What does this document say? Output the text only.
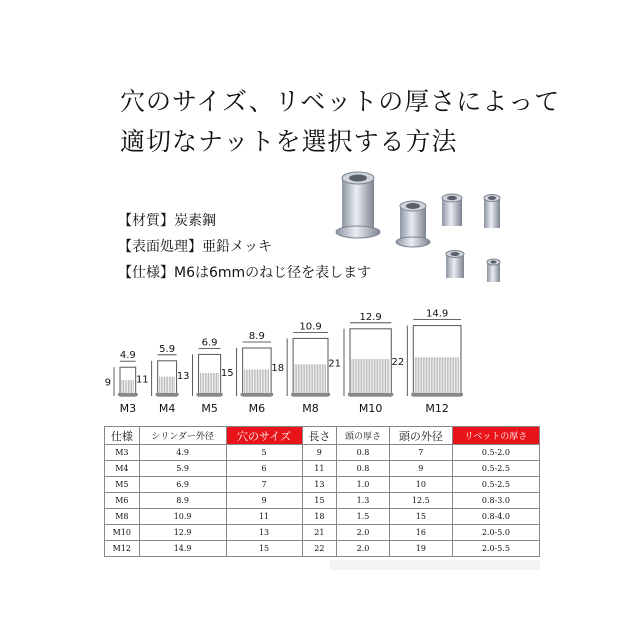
穴のサイズ、リベットの厚さによって
適切なナットを選択する方法
【材質】炭素鋼
【表面処理】亜鉛メッキ
【仕様】M6は6mmのねじ径を表します
4.9
9
M3
5.9
11
M4
6.9
13
M5
8.9
15
M6
10.9
18
M8
12.9
21
M10
14.9
22
M12
仕様	シリンダー外径	穴のサイズ	長さ	頭の厚さ	頭の外径	リベットの厚さ
M3	4.9	5	9	0.8	7	0.5-2.0
M4	5.9	6	11	0.8	9	0.5-2.5
M5	6.9	7	13	1.0	10	0.5-2.5
M6	8.9	9	15	1.3	12.5	0.8-3.0
M8	10.9	11	18	1.5	15	0.8-4.0
M10	12.9	13	21	2.0	16	2.0-5.0
M12	14.9	15	22	2.0	19	2.0-5.5
